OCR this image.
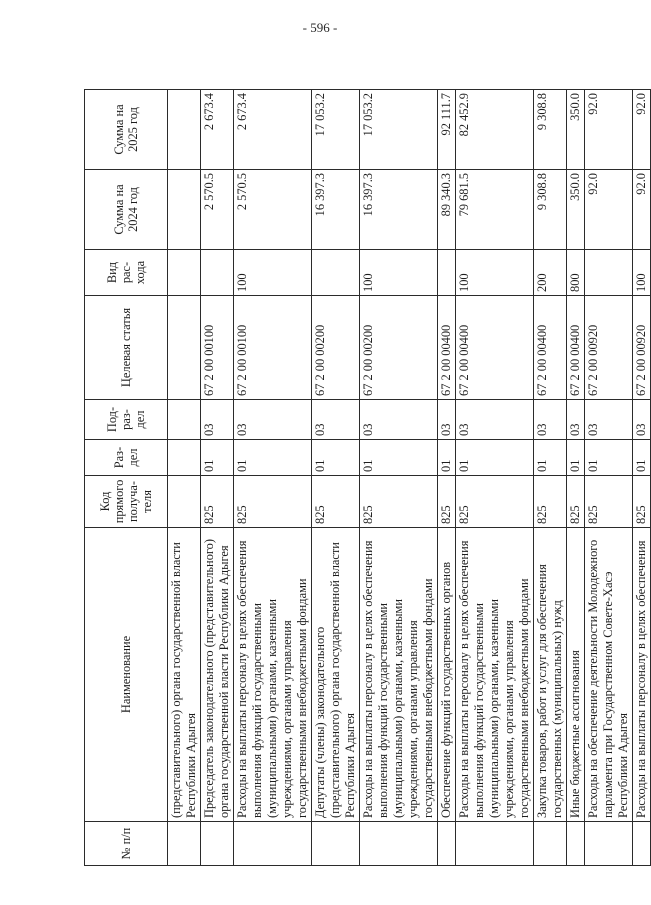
- 596 -
№ п/п	Наименование	Код прямого получа- теля	Раз- дел	Под- раз- дел	Целевая статья	Вид рас- хода	Сумма на 2024 год	Сумма на 2025 год
	(представительного) органа государственной власти Республики Адыгея							
	Председатель законодательного (представительного) органа государственной власти Республики Адыгея	825	01	03	67 2 00 00100		2 570.5	2 673.4
	Расходы на выплаты персоналу в целях обеспечения выполнения функций государственными (муниципальными) органами, казенными учреждениями, органами управления государственными внебюджетными фондами	825	01	03	67 2 00 00100	100	2 570.5	2 673.4
	Депутаты (члены) законодательного (представительного) органа государственной власти Республики Адыгея	825	01	03	67 2 00 00200		16 397.3	17 053.2
	Расходы на выплаты персоналу в целях обеспечения выполнения функций государственными (муниципальными) органами, казенными учреждениями, органами управления государственными внебюджетными фондами	825	01	03	67 2 00 00200	100	16 397.3	17 053.2
	Обеспечение функций государственных органов	825	01	03	67 2 00 00400		89 340.3	92 111.7
	Расходы на выплаты персоналу в целях обеспечения выполнения функций государственными (муниципальными) органами, казенными учреждениями, органами управления государственными внебюджетными фондами	825	01	03	67 2 00 00400	100	79 681.5	82 452.9
	Закупка товаров, работ и услуг для обеспечения государственных (муниципальных) нужд	825	01	03	67 2 00 00400	200	9 308.8	9 308.8
	Иные бюджетные ассигнования	825	01	03	67 2 00 00400	800	350.0	350.0
	Расходы на обеспечение деятельности Молодежного парламента при Государственном Совете-Хасэ Республики Адыгея	825	01	03	67 2 00 00920		92.0	92.0
	Расходы на выплаты персоналу в целях обеспечения	825	01	03	67 2 00 00920	100	92.0	92.0
